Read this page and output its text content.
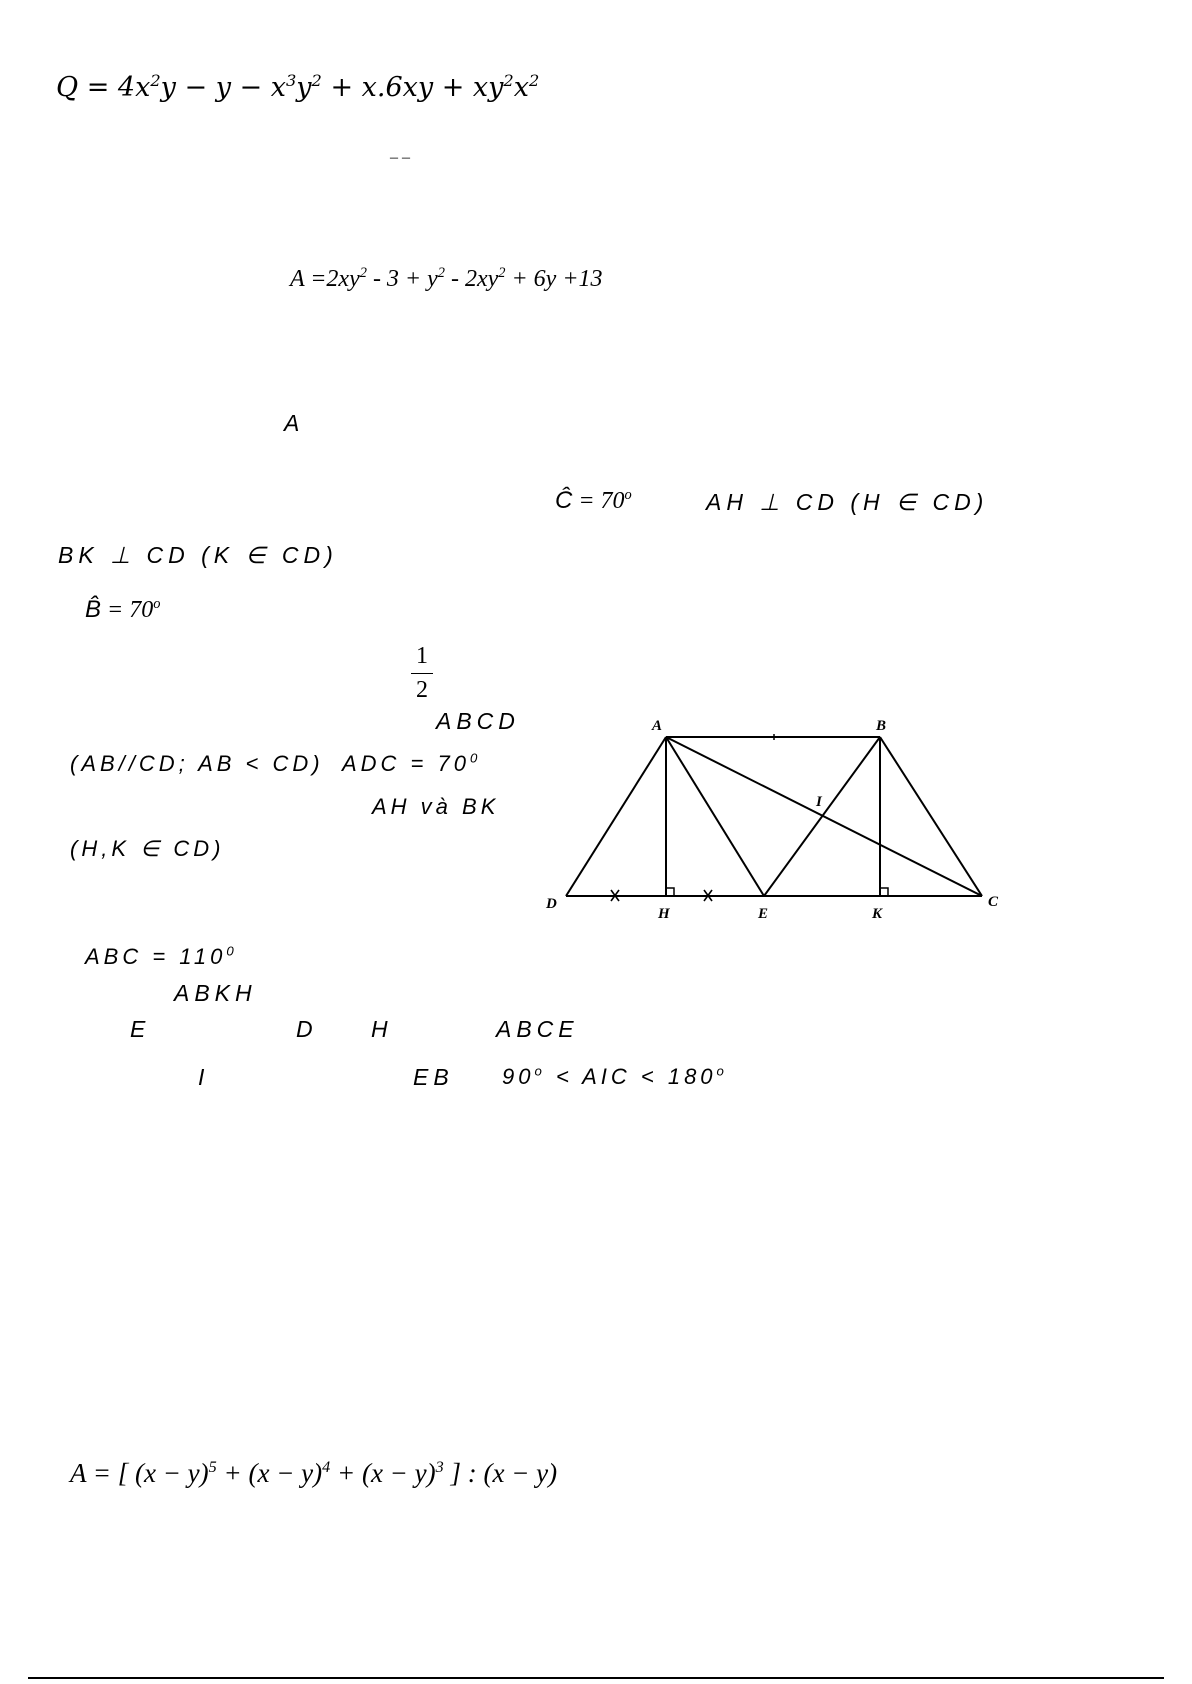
$Q = 4x^2y - y - x^3y^2 + x.6xy + xy^2x^2$
– –
$A =2xy^2 - 3 + y^2 - 2xy^2 + 6y +13$
A
Ĉ = $70^o$	AH ⊥ CD (H ∈ CD)
BK ⊥ CD (K ∈ CD)
B̂ = $70^o$
1
2
ABCD
(AB//CD; AB < CD) ADC = $70^0$
AH và BK
(H,K ∈ CD)
A	B
C
D
H	E	K
I
ABC = $110^0$
ABKH
E	D H	ABCE
I	EB $90^o$ < AIC < $180^o$
A = [ $(x - y)^5 + (x - y)^4 + (x - y)^3$ ] : (x − y)
